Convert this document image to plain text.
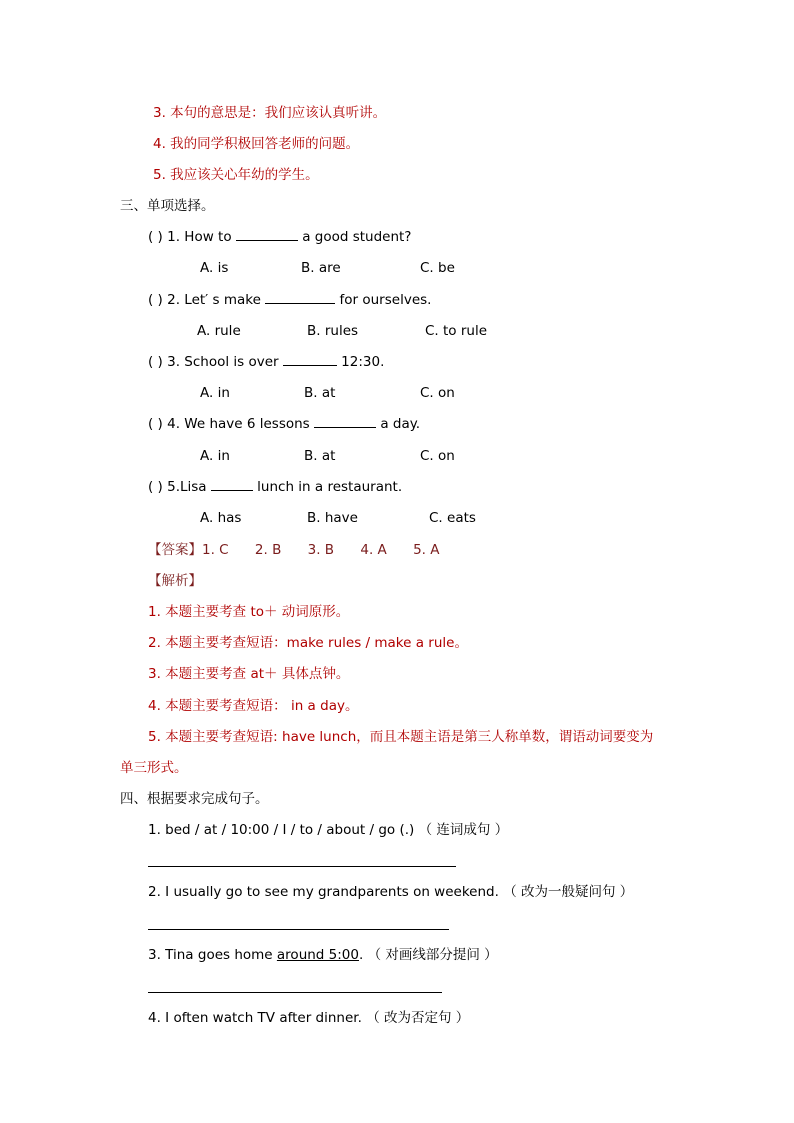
3. 本句的意思是：我们应该认真听讲。
4. 我的同学积极回答老师的问题。
5. 我应该关心年幼的学生。
三、单项选择。
( ) 1. How to	a good student?
A. is	B. are	C. be
( ) 2. Let′ s make	for ourselves.
A. rule	B. rules	C. to rule
( ) 3. School is over	12:30.
A. in	B. at	C. on
( ) 4. We have 6 lessons	a day.
A. in	B. at	C. on
( ) 5.Lisa	lunch in a restaurant.
A. has	B. have	C. eats
【答案】1. C 2. B 3. B 4. A 5. A
【解析】
1. 本题主要考查 to＋ 动词原形。
2. 本题主要考查短语：make rules / make a rule。
3. 本题主要考查 at＋ 具体点钟。
4. 本题主要考查短语： in a day。
5. 本题主要考查短语: have lunch，而且本题主语是第三人称单数，谓语动词要变为
单三形式。
四、根据要求完成句子。
1. bed / at / 10:00 / I / to / about / go (.) （ 连词成句 ）
2. I usually go to see my grandparents on weekend. （ 改为一般疑问句 ）
3. Tina goes home around 5:00. （ 对画线部分提问 ）
4. I often watch TV after dinner. （ 改为否定句 ）
